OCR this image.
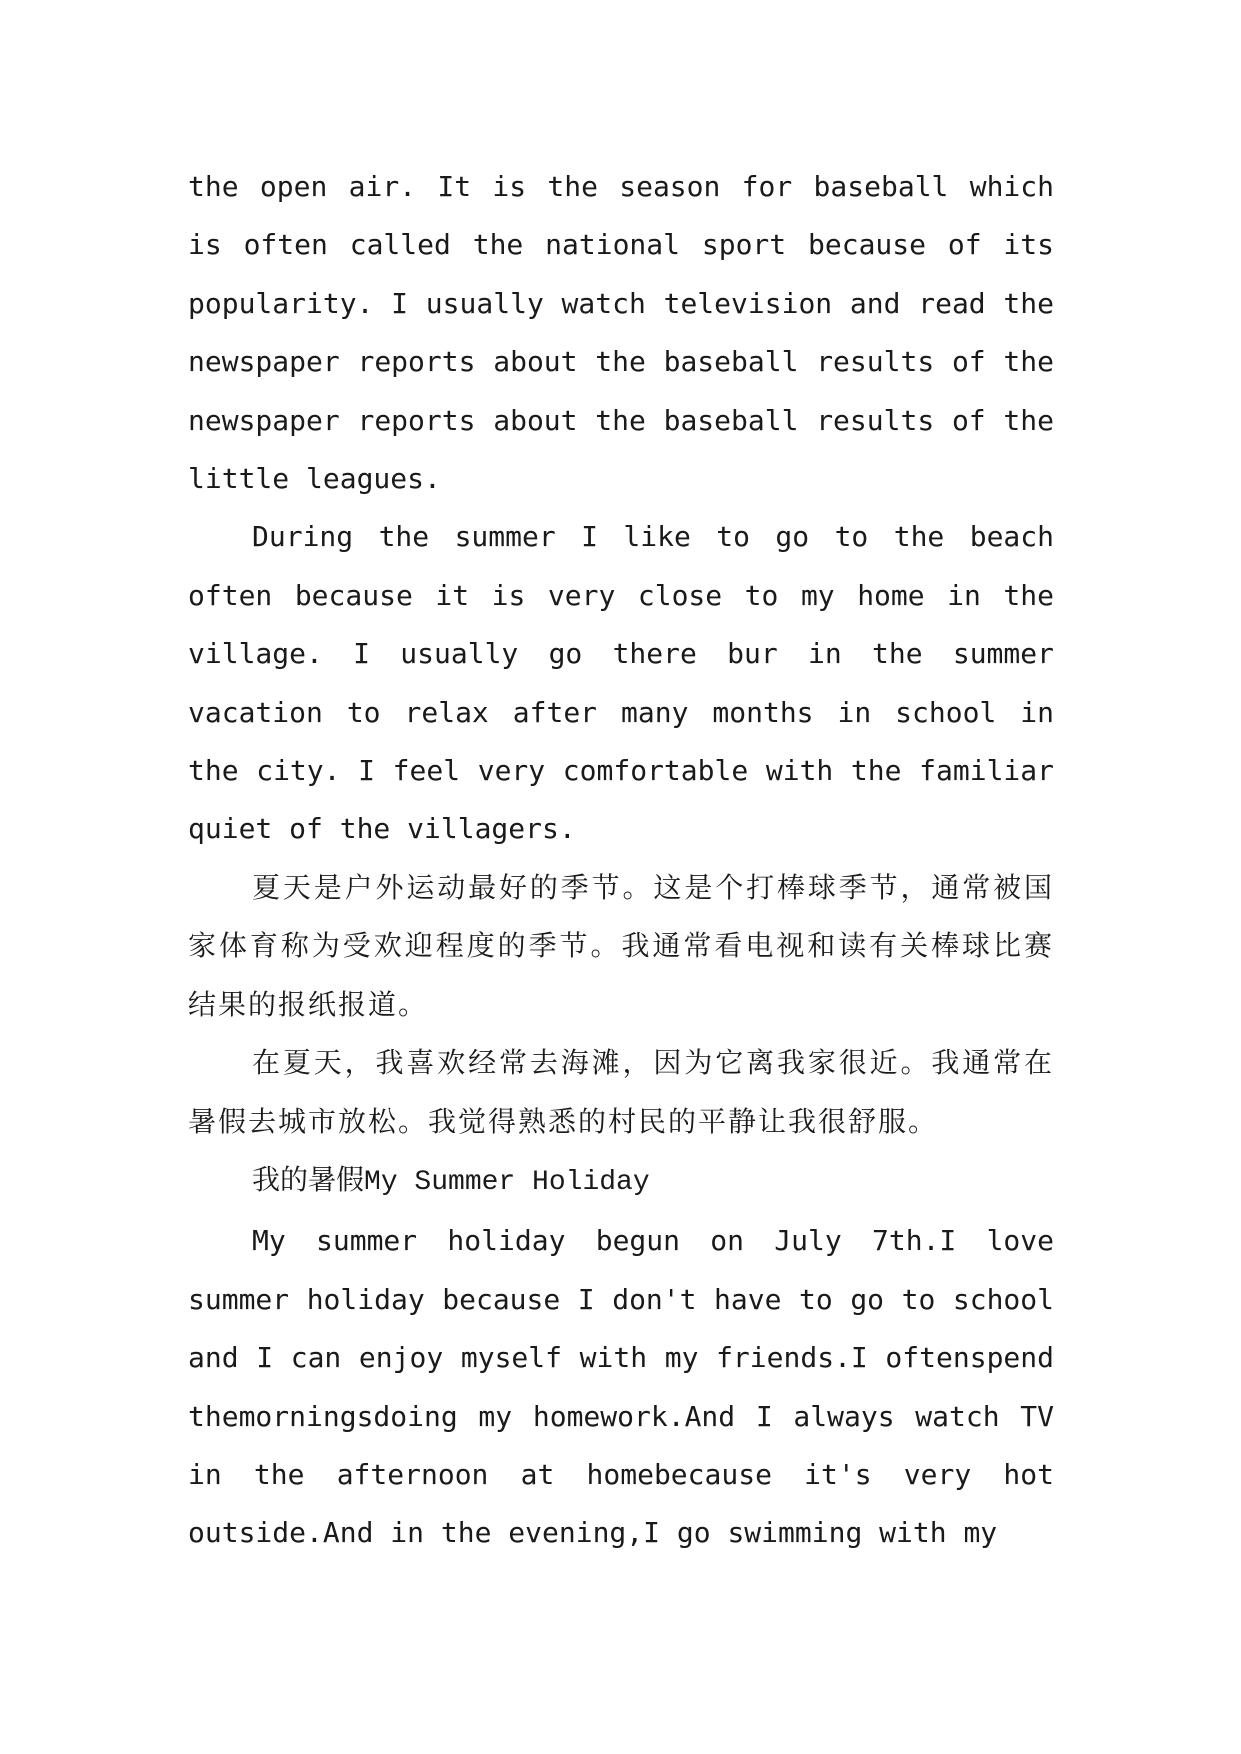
the open air. It is the season for baseball which is often called the national sport because of its popularity. I usually watch television and read the newspaper reports about the baseball results of the newspaper reports about the baseball results of the little leagues.

During the summer I like to go to the beach often because it is very close to my home in the village. I usually go there bur in the summer vacation to relax after many months in school in the city. I feel very comfortable with the familiar quiet of the villagers.

夏天是户外运动最好的季节。这是个打棒球季节，通常被国家体育称为受欢迎程度的季节。我通常看电视和读有关棒球比赛结果的报纸报道。

在夏天，我喜欢经常去海滩，因为它离我家很近。我通常在暑假去城市放松。我觉得熟悉的村民的平静让我很舒服。

我的暑假My Summer Holiday

My summer holiday begun on July 7th.I love summer holiday because I don't have to go to school and I can enjoy myself with my friends.I oftenspend themorningsdoing my homework.And I always watch TV in the afternoon at homebecause it's very hot outside.And in the evening,I go swimming with my
